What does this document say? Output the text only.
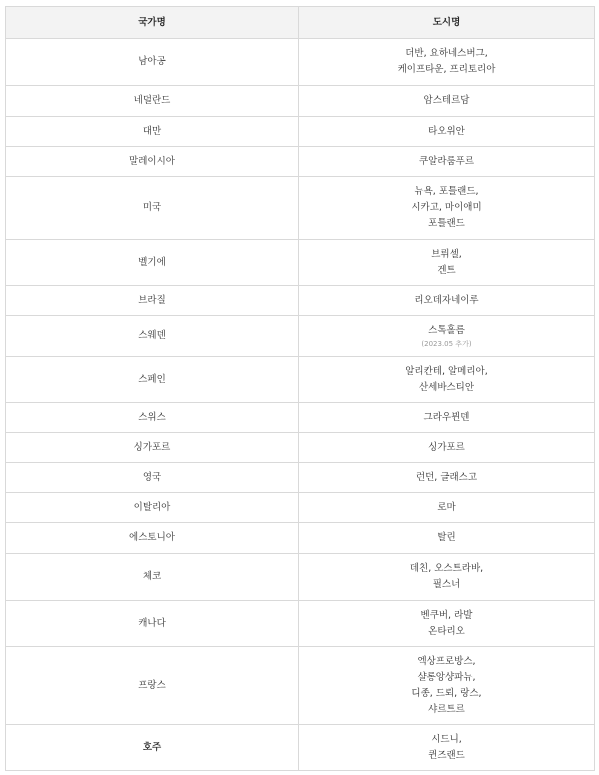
국가명	도시명
남아공	더반, 요하네스버그,
케이프타운, 프리토리아

네덜란드	암스테르담

대만	타오위안

말레이시아	쿠알라룸푸르

미국	뉴욕, 포틀랜드,
시카고, 마이애미
포틀랜드

벨기에	브뤼셀,
겐트

브라질	리오데자네이루

스웨덴	스톡홀름
(2023.05 추가)

스페인	알리칸테, 알메리아,
산세바스티안

스위스	그라우뷘덴

싱가포르	싱가포르

영국	런던, 글래스고

이탈리아	로마

에스토니아	탈린

체코	데친, 오스트라바,
필스너

캐나다	벤쿠버, 라발
온타리오

프랑스	엑상프로방스,
샬롱앙샹파뉴,
디종, 드뢰, 랑스,
샤르트르

호주	시드니,
퀸즈랜드
